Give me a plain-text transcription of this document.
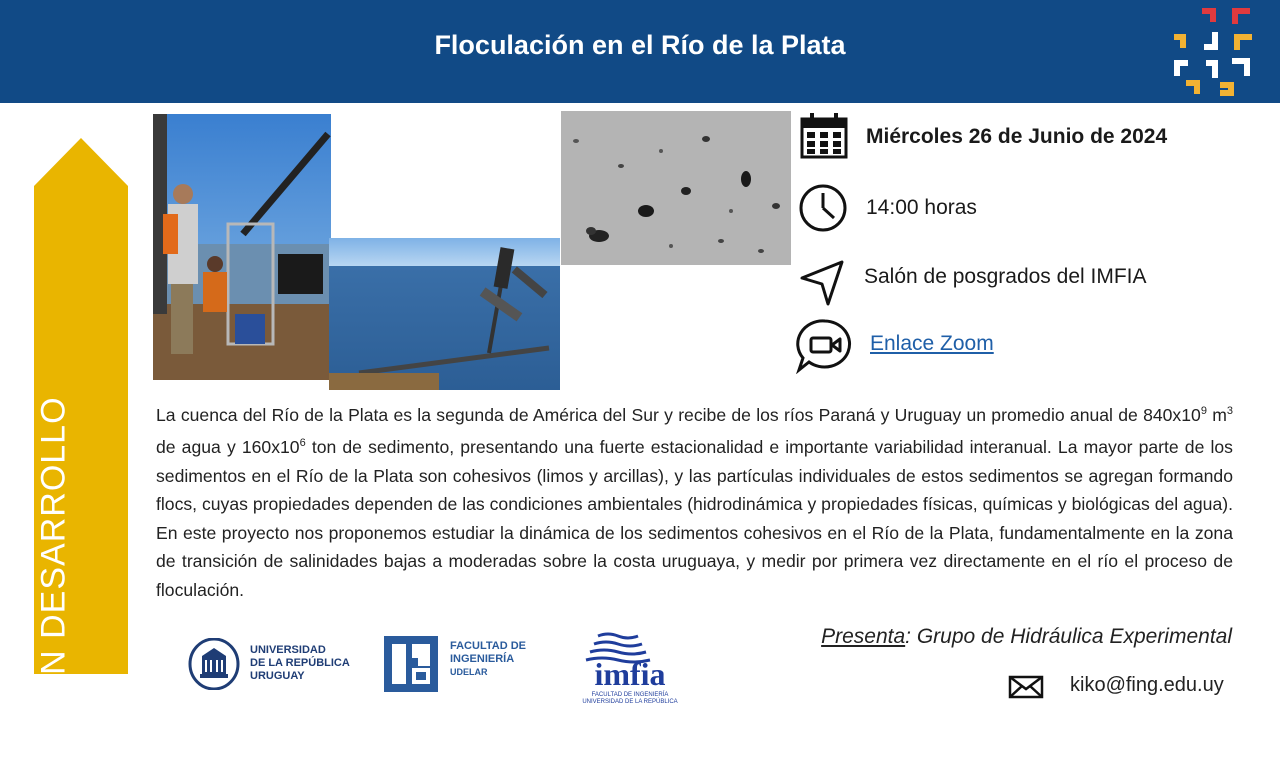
Floculación en el Río de la Plata
EN DESARROLLO
Miércoles 26 de Junio de 2024
14:00 horas
Salón de posgrados del IMFIA
Enlace Zoom
La cuenca del Río de la Plata es la segunda de América del Sur y recibe de los ríos Paraná y Uruguay un promedio anual de $840x10^9$ $m^3$ de agua y $160x10^6$ ton de sedimento, presentando una fuerte estacionalidad e importante variabilidad interanual. La mayor parte de los sedimentos en el Río de la Plata son cohesivos (limos y arcillas), y las partículas individuales de estos sedimentos se agregan formando flocs, cuyas propiedades dependen de las condiciones ambientales (hidrodinámica y propiedades físicas, químicas y biológicas del agua). En este proyecto nos proponemos estudiar la dinámica de los sedimentos cohesivos en el Río de la Plata, fundamentalmente en la zona de transición de salinidades bajas a moderadas sobre la costa uruguaya, y medir por primera vez directamente en el río el proceso de floculación.
Presenta: Grupo de Hidráulica Experimental
UNIVERSIDAD
DE LA REPÚBLICA
URUGUAY
FACULTAD DE
INGENIERÍA
UDELAR	imfia
FACULTAD DE INGENIERÍA
UNIVERSIDAD DE LA REPÚBLICA
kiko@fing.edu.uy
